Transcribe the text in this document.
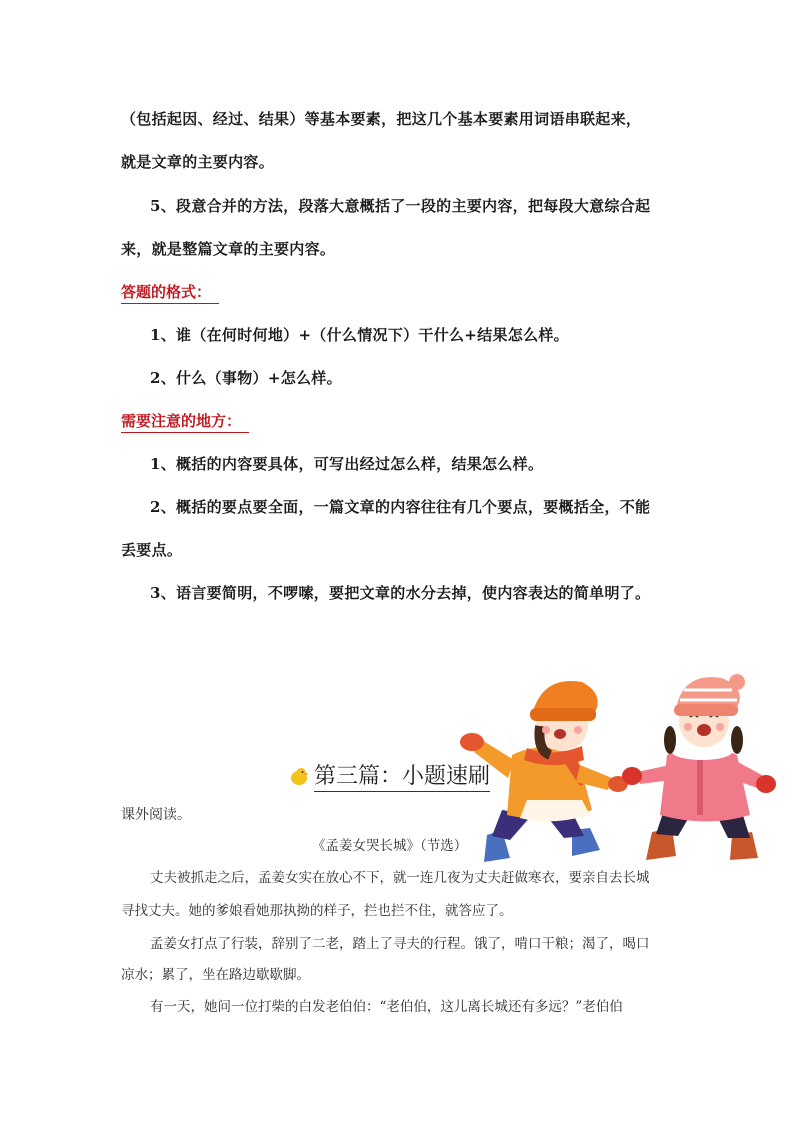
（包括起因、经过、结果）等基本要素，把这几个基本要素用词语串联起来，
就是文章的主要内容。
5、段意合并的方法，段落大意概括了一段的主要内容，把每段大意综合起
来，就是整篇文章的主要内容。
答题的格式：
1、谁（在何时何地）+（什么情况下）干什么+结果怎么样。
2、什么（事物）+怎么样。
需要注意的地方：
1、概括的内容要具体，可写出经过怎么样，结果怎么样。
2、概括的要点要全面，一篇文章的内容往往有几个要点，要概括全，不能
丢要点。
3、语言要简明，不啰嗦，要把文章的水分去掉，使内容表达的简单明了。
第三篇：小题速刷
课外阅读。
《孟姜女哭长城》（节选）
丈夫被抓走之后，孟姜女实在放心不下，就一连几夜为丈夫赶做寒衣，要亲自去长城
寻找丈夫。她的爹娘看她那执拗的样子，拦也拦不住，就答应了。
孟姜女打点了行装，辞别了二老，踏上了寻夫的行程。饿了，啃口干粮；渴了，喝口
凉水；累了，坐在路边歇歇脚。
有一天，她问一位打柴的白发老伯伯：“老伯伯，这儿离长城还有多远？”老伯伯
